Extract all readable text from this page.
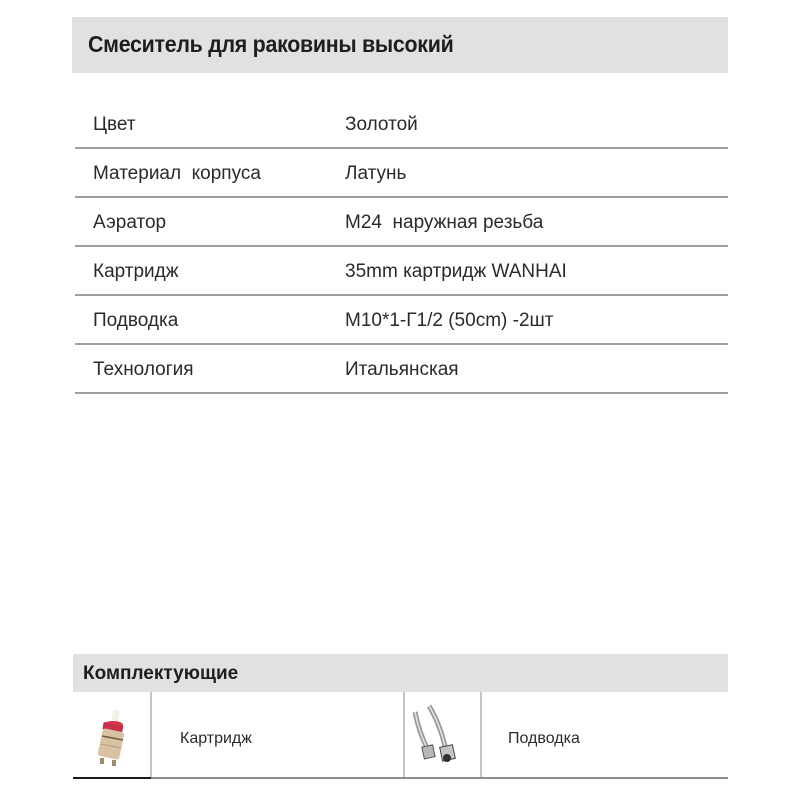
Смеситель для раковины высокий
Цвет	Золотой
Материал  корпуса	Латунь
Аэратор	M24  наружная резьба
Картридж	35mm картридж WANHAI
Подводка	M10*1-Г1/2 (50cm) -2шт
Технология	Итальянская
Комплектующие
Картридж	Подводка
